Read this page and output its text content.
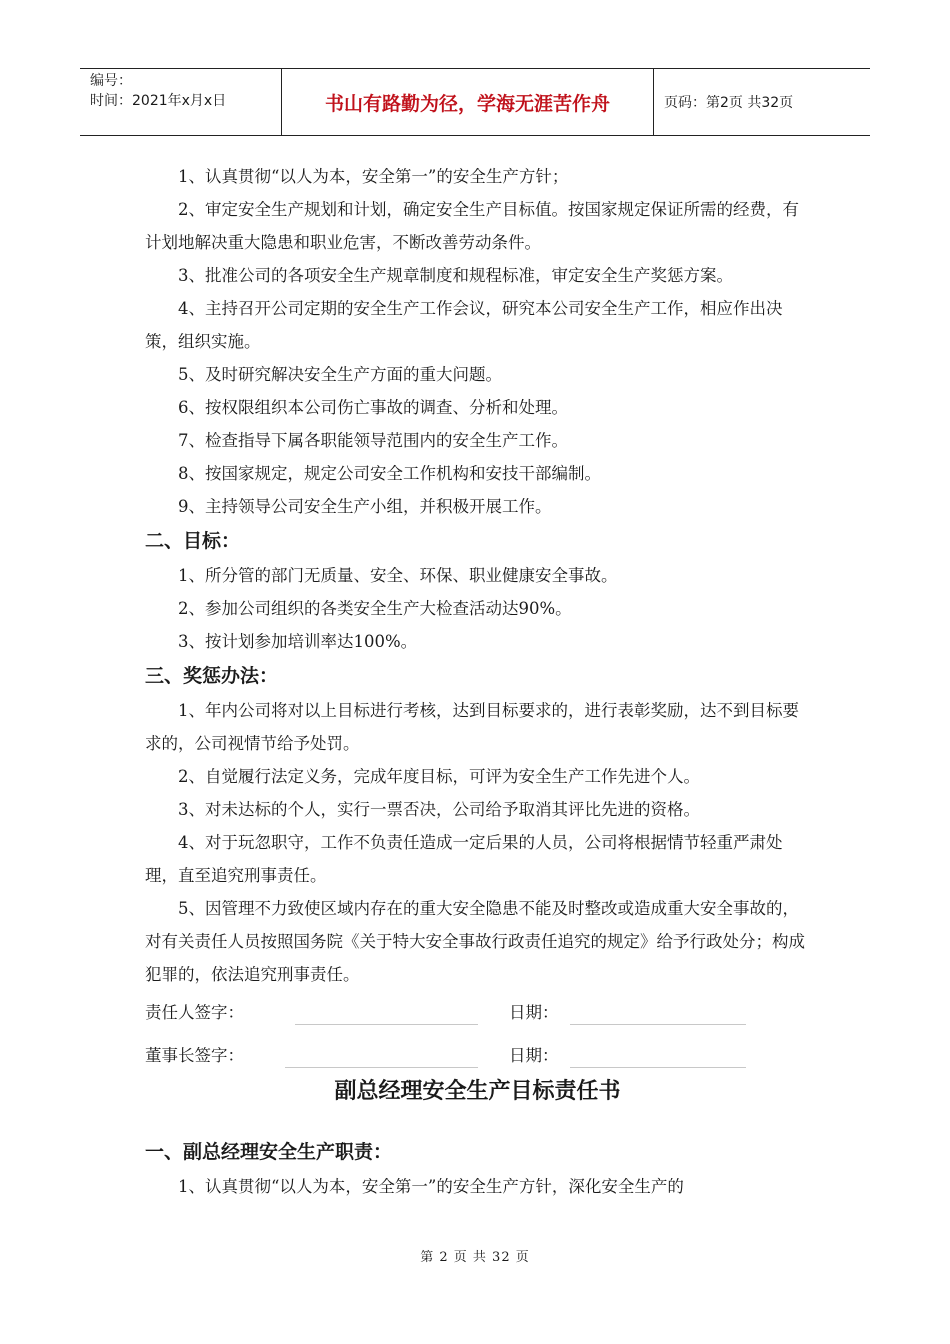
编号：
时间：2021年x月x日	书山有路勤为径，学海无涯苦作舟	页码：第2页 共32页

1、认真贯彻“以人为本，安全第一”的安全生产方针；

2、审定安全生产规划和计划，确定安全生产目标值。按国家规定保证所需的经费，有计划地解决重大隐患和职业危害，不断改善劳动条件。

3、批准公司的各项安全生产规章制度和规程标准，审定安全生产奖惩方案。

4、主持召开公司定期的安全生产工作会议，研究本公司安全生产工作，相应作出决策，组织实施。

5、及时研究解决安全生产方面的重大问题。

6、按权限组织本公司伤亡事故的调查、分析和处理。

7、检查指导下属各职能领导范围内的安全生产工作。

8、按国家规定，规定公司安全工作机构和安技干部编制。

9、主持领导公司安全生产小组，并积极开展工作。

二、目标：

1、所分管的部门无质量、安全、环保、职业健康安全事故。

2、参加公司组织的各类安全生产大检查活动达90%。

3、按计划参加培训率达100%。

三、奖惩办法：

1、年内公司将对以上目标进行考核，达到目标要求的，进行表彰奖励，达不到目标要求的，公司视情节给予处罚。

2、自觉履行法定义务，完成年度目标，可评为安全生产工作先进个人。

3、对未达标的个人，实行一票否决，公司给予取消其评比先进的资格。

4、对于玩忽职守，工作不负责任造成一定后果的人员，公司将根据情节轻重严肃处理，直至追究刑事责任。

5、因管理不力致使区域内存在的重大安全隐患不能及时整改或造成重大安全事故的，对有关责任人员按照国务院《关于特大安全事故行政责任追究的规定》给予行政处分；构成犯罪的，依法追究刑事责任。

责任人签字：	日期：
董事长签字：	日期：
副总经理安全生产目标责任书
一、副总经理安全生产职责：

1、认真贯彻“以人为本，安全第一”的安全生产方针，深化安全生产的

第 2 页 共 32 页
